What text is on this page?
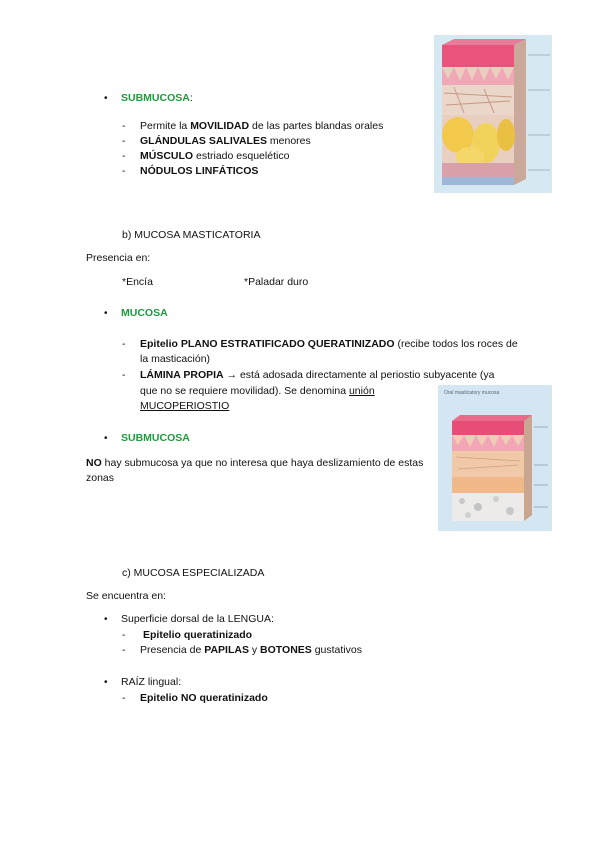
• SUBMUCOSA:
- Permite la MOVILIDAD de las partes blandas orales
- GLÁNDULAS SALIVALES menores
- MÚSCULO estriado esquelético
- NÓDULOS LINFÁTICOS
b) MUCOSA MASTICATORIA
Presencia en:
*Encía	*Paladar duro
• MUCOSA
- Epitelio PLANO ESTRATIFICADO QUERATINIZADO (recibe todos los roces de
la masticación)
- LÁMINA PROPIA → está adosada directamente al periostio subyacente (ya
que no se requiere movilidad). Se denomina unión
MUCOPERIOSTIO
• SUBMUCOSA
NO hay submucosa ya que no interesa que haya deslizamiento de estas
zonas
Oral masticatory mucosa
c) MUCOSA ESPECIALIZADA
Se encuentra en:
• Superficie dorsal de la LENGUA:
- Epitelio queratinizado
- Presencia de PAPILAS y BOTONES gustativos
• RAÍZ lingual:
- Epitelio NO queratinizado
